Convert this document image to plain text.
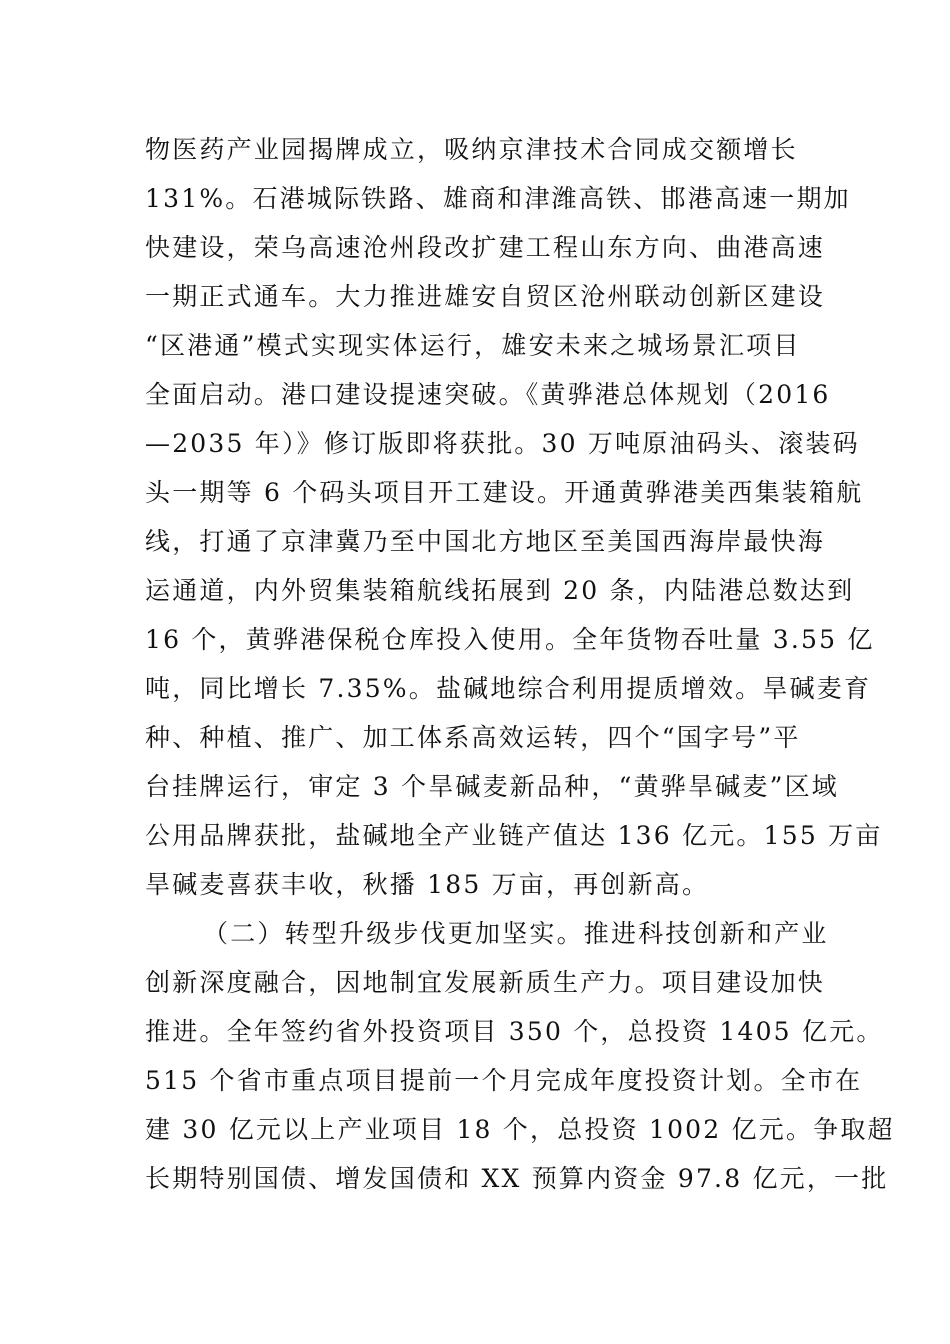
物医药产业园揭牌成立，吸纳京津技术合同成交额增长
131%。石港城际铁路、雄商和津潍高铁、邯港高速一期加
快建设，荣乌高速沧州段改扩建工程山东方向、曲港高速
一期正式通车。大力推进雄安自贸区沧州联动创新区建设
“区港通”模式实现实体运行，雄安未来之城场景汇项目
全面启动。港口建设提速突破。《黄骅港总体规划（2016
—2035 年）》修订版即将获批。30 万吨原油码头、滚装码
头一期等 6 个码头项目开工建设。开通黄骅港美西集装箱航
线，打通了京津冀乃至中国北方地区至美国西海岸最快海
运通道，内外贸集装箱航线拓展到 20 条，内陆港总数达到
16 个，黄骅港保税仓库投入使用。全年货物吞吐量 3.55 亿
吨，同比增长 7.35%。盐碱地综合利用提质增效。旱碱麦育
种、种植、推广、加工体系高效运转，四个“国字号”平
台挂牌运行，审定 3 个旱碱麦新品种，“黄骅旱碱麦”区域
公用品牌获批，盐碱地全产业链产值达 136 亿元。155 万亩
旱碱麦喜获丰收，秋播 185 万亩，再创新高。
（二）转型升级步伐更加坚实。推进科技创新和产业
创新深度融合，因地制宜发展新质生产力。项目建设加快
推进。全年签约省外投资项目 350 个，总投资 1405 亿元。
515 个省市重点项目提前一个月完成年度投资计划。全市在
建 30 亿元以上产业项目 18 个，总投资 1002 亿元。争取超
长期特别国债、增发国债和 XX 预算内资金 97.8 亿元，一批
